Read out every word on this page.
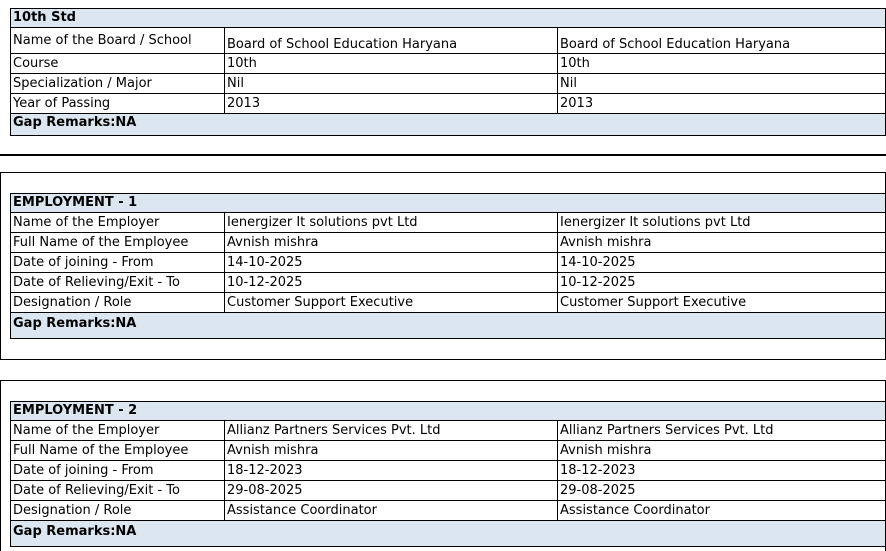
10th Std
Name of the Board / School	Board of School Education Haryana	Board of School Education Haryana
Course	10th	10th
Specialization / Major	Nil	Nil
Year of Passing	2013	2013
Gap Remarks:NA
EMPLOYMENT - 1
Name of the Employer	Ienergizer It solutions pvt Ltd	Ienergizer It solutions pvt Ltd
Full Name of the Employee	Avnish mishra	Avnish mishra
Date of joining - From	14-10-2025	14-10-2025
Date of Relieving/Exit - To	10-12-2025	10-12-2025
Designation / Role	Customer Support Executive	Customer Support Executive
Gap Remarks:NA
EMPLOYMENT - 2
Name of the Employer	Allianz Partners Services Pvt. Ltd	Allianz Partners Services Pvt. Ltd
Full Name of the Employee	Avnish mishra	Avnish mishra
Date of joining - From	18-12-2023	18-12-2023
Date of Relieving/Exit - To	29-08-2025	29-08-2025
Designation / Role	Assistance Coordinator	Assistance Coordinator
Gap Remarks:NA
